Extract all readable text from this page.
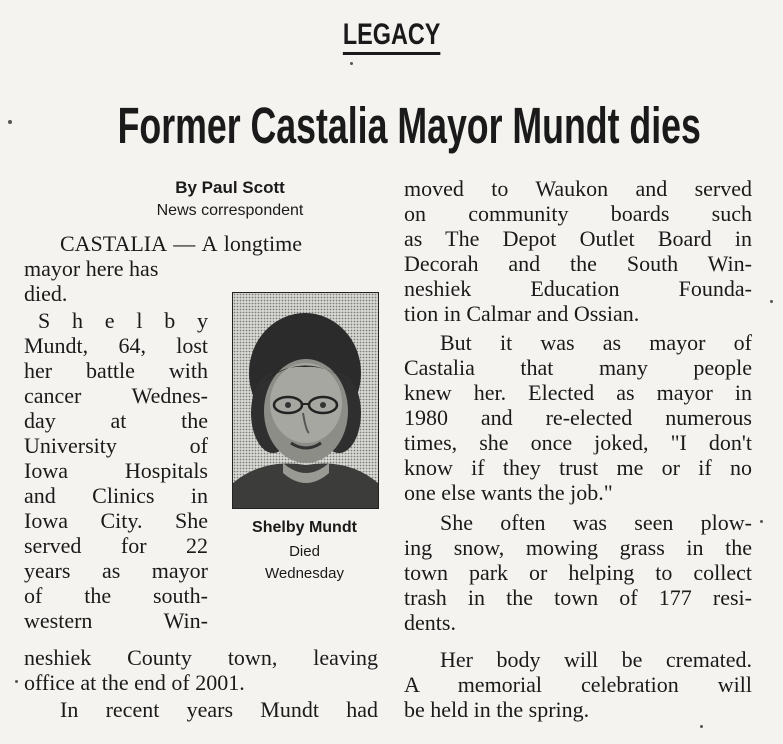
LEGACY
Former Castalia Mayor Mundt dies
By Paul Scott
News correspondent
CASTALIA — A longtime
mayor here has
died.
S h e l b y
Mundt, 64, lost
her battle with
cancer Wednes-
day at the
University of
Iowa Hospitals
and Clinics in
Iowa City. She
served for 22
years as mayor
of the south-
western Win-
neshiek County town, leaving
office at the end of 2001.
In recent years Mundt had
Shelby Mundt
Died
Wednesday
moved to Waukon and served
on community boards such
as The Depot Outlet Board in
Decorah and the South Win-
neshiek Education Founda-
tion in Calmar and Ossian.
But it was as mayor of
Castalia that many people
knew her. Elected as mayor in
1980 and re-elected numerous
times, she once joked, "I don't
know if they trust me or if no
one else wants the job."
She often was seen plow-
ing snow, mowing grass in the
town park or helping to collect
trash in the town of 177 resi-
dents.
Her body will be cremated.
A memorial celebration will
be held in the spring.
